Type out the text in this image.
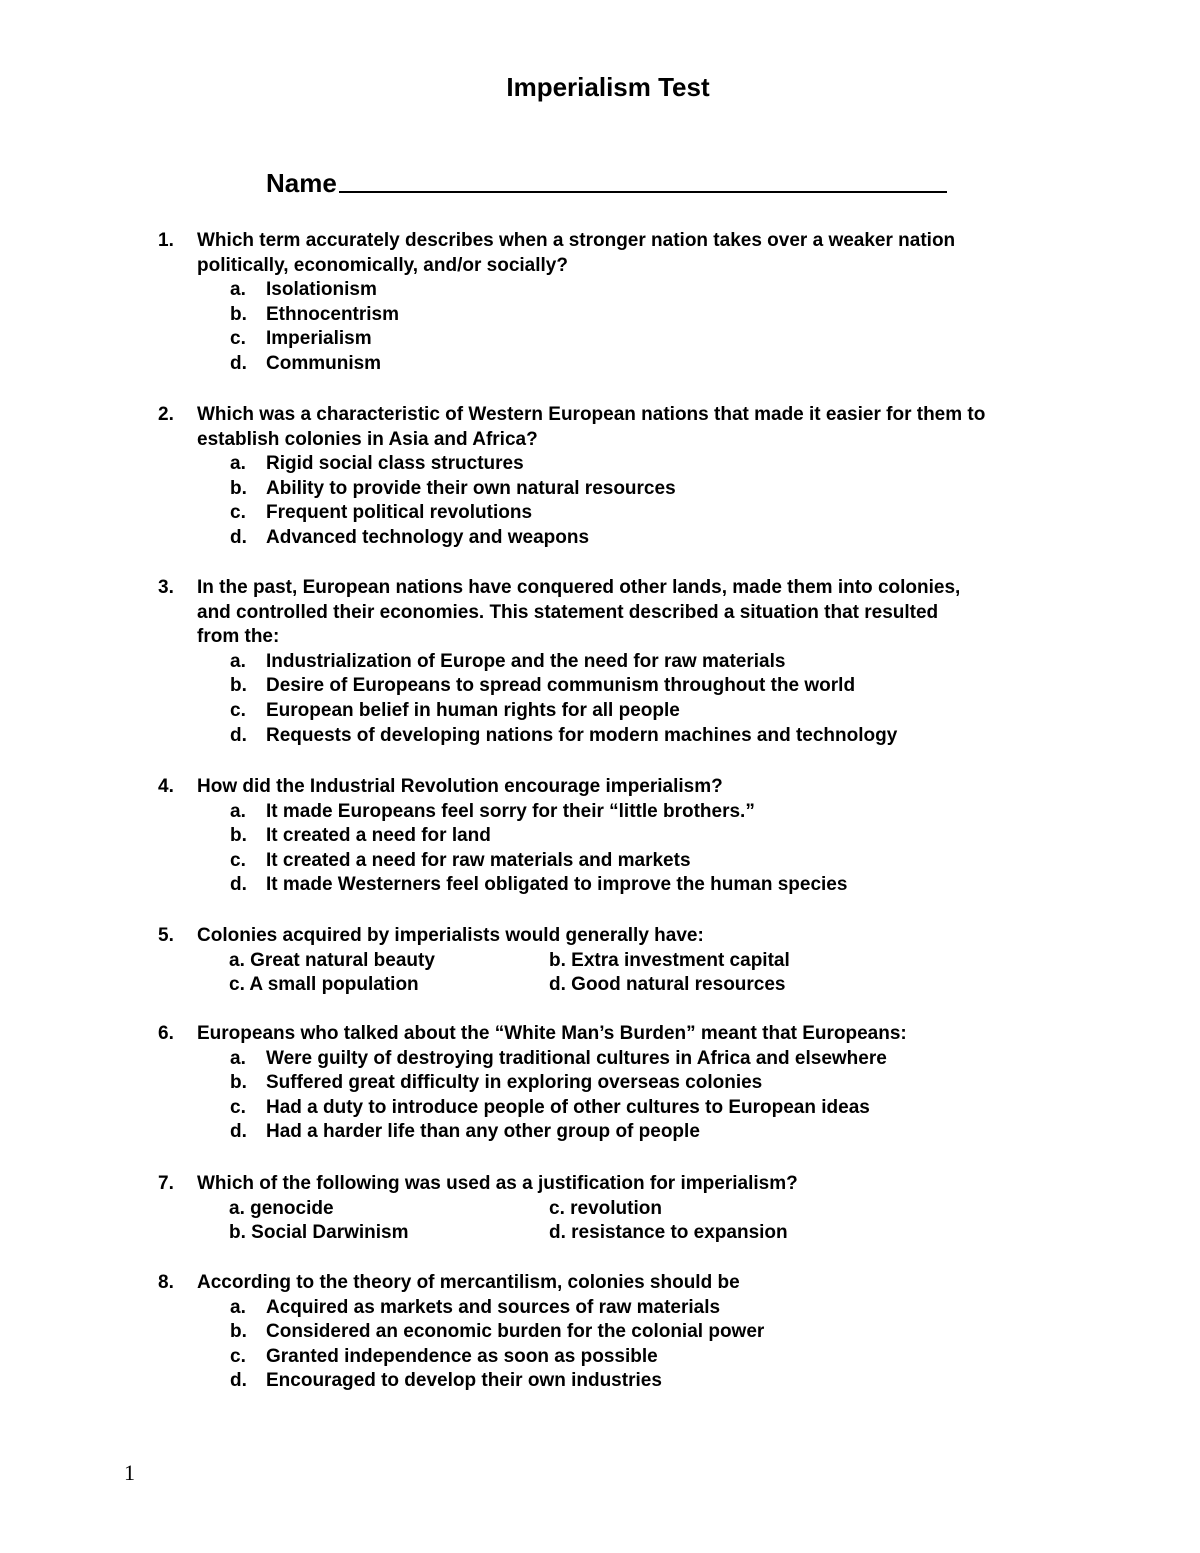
Imperialism Test
Name
1. Which term accurately describes when a stronger nation takes over a weaker nation
politically, economically, and/or socially?
a. Isolationism
b. Ethnocentrism
c. Imperialism
d. Communism
2. Which was a characteristic of Western European nations that made it easier for them to
establish colonies in Asia and Africa?
a. Rigid social class structures
b. Ability to provide their own natural resources
c. Frequent political revolutions
d. Advanced technology and weapons
3. In the past, European nations have conquered other lands, made them into colonies,
and controlled their economies. This statement described a situation that resulted
from the:
a. Industrialization of Europe and the need for raw materials
b. Desire of Europeans to spread communism throughout the world
c. European belief in human rights for all people
d. Requests of developing nations for modern machines and technology
4. How did the Industrial Revolution encourage imperialism?
a. It made Europeans feel sorry for their “little brothers.”
b. It created a need for land
c. It created a need for raw materials and markets
d. It made Westerners feel obligated to improve the human species
5. Colonies acquired by imperialists would generally have:
a. Great natural beauty	b. Extra investment capital
c. A small population	d. Good natural resources
6. Europeans who talked about the “White Man’s Burden” meant that Europeans:
a. Were guilty of destroying traditional cultures in Africa and elsewhere
b. Suffered great difficulty in exploring overseas colonies
c. Had a duty to introduce people of other cultures to European ideas
d. Had a harder life than any other group of people
7. Which of the following was used as a justification for imperialism?
a. genocide	c. revolution
b. Social Darwinism	d. resistance to expansion
8. According to the theory of mercantilism, colonies should be
a. Acquired as markets and sources of raw materials
b. Considered an economic burden for the colonial power
c. Granted independence as soon as possible
d. Encouraged to develop their own industries
1
